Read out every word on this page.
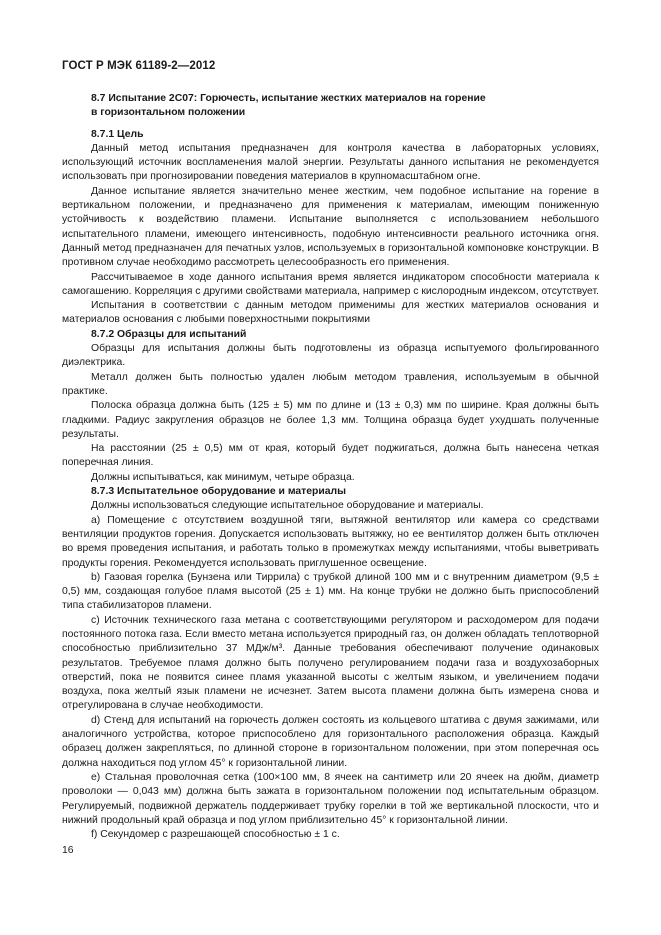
ГОСТ Р МЭК 61189-2—2012
8.7 Испытание 2С07: Горючесть, испытание жестких материалов на горение
в горизонтальном положении

8.7.1 Цель

Данный метод испытания предназначен для контроля качества в лабораторных условиях, использующий источник воспламенения малой энергии. Результаты данного испытания не рекомендуется использовать при прогнозировании поведения материалов в крупномасштабном огне.

Данное испытание является значительно менее жестким, чем подобное испытание на горение в вертикальном положении, и предназначено для применения к материалам, имеющим пониженную устойчивость к воздействию пламени. Испытание выполняется с использованием небольшого испытательного пламени, имеющего интенсивность, подобную интенсивности реального источника огня. Данный метод предназначен для печатных узлов, используемых в горизонтальной компоновке конструкции. В противном случае необходимо рассмотреть целесообразность его применения.

Рассчитываемое в ходе данного испытания время является индикатором способности материала к самогашению. Корреляция с другими свойствами материала, например с кислородным индексом, отсутствует.

Испытания в соответствии с данным методом применимы для жестких материалов основания и материалов основания с любыми поверхностными покрытиями

8.7.2 Образцы для испытаний

Образцы для испытания должны быть подготовлены из образца испытуемого фольгированного диэлектрика.

Металл должен быть полностью удален любым методом травления, используемым в обычной практике.

Полоска образца должна быть (125 ± 5) мм по длине и (13 ± 0,3) мм по ширине. Края должны быть гладкими. Радиус закругления образцов не более 1,3 мм. Толщина образца будет ухудшать полученные результаты.

На расстоянии (25 ± 0,5) мм от края, который будет поджигаться, должна быть нанесена четкая поперечная линия.

Должны испытываться, как минимум, четыре образца.

8.7.3 Испытательное оборудование и материалы

Должны использоваться следующие испытательное оборудование и материалы.

а) Помещение с отсутствием воздушной тяги, вытяжной вентилятор или камера со средствами вентиляции продуктов горения. Допускается использовать вытяжку, но ее вентилятор должен быть отключен во время проведения испытания, и работать только в промежутках между испытаниями, чтобы выветривать продукты горения. Рекомендуется использовать приглушенное освещение.

b) Газовая горелка (Бунзена или Тиррила) с трубкой длиной 100 мм и с внутренним диаметром (9,5 ± 0,5) мм, создающая голубое пламя высотой (25 ± 1) мм. На конце трубки не должно быть приспособлений типа стабилизаторов пламени.

с) Источник технического газа метана с соответствующими регулятором и расходомером для подачи постоянного потока газа. Если вместо метана используется природный газ, он должен обладать теплотворной способностью приблизительно 37 МДж/м³. Данные требования обеспечивают получение одинаковых результатов. Требуемое пламя должно быть получено регулированием подачи газа и воздухозаборных отверстий, пока не появится синее пламя указанной высоты с желтым языком, и увеличением подачи воздуха, пока желтый язык пламени не исчезнет. Затем высота пламени должна быть измерена снова и отрегулирована в случае необходимости.

d) Стенд для испытаний на горючесть должен состоять из кольцевого штатива с двумя зажимами, или аналогичного устройства, которое приспособлено для горизонтального расположения образца. Каждый образец должен закрепляться, по длинной стороне в горизонтальном положении, при этом поперечная ось должна находиться под углом 45° к горизонтальной линии.

е) Стальная проволочная сетка (100×100 мм, 8 ячеек на сантиметр или 20 ячеек на дюйм, диаметр проволоки — 0,043 мм) должна быть зажата в горизонтальном положении под испытательным образцом. Регулируемый, подвижной держатель поддерживает трубку горелки в той же вертикальной плоскости, что и нижний продольный край образца и под углом приблизительно 45° к горизонтальной линии.

f) Секундомер с разрешающей способностью ± 1 с.

16
